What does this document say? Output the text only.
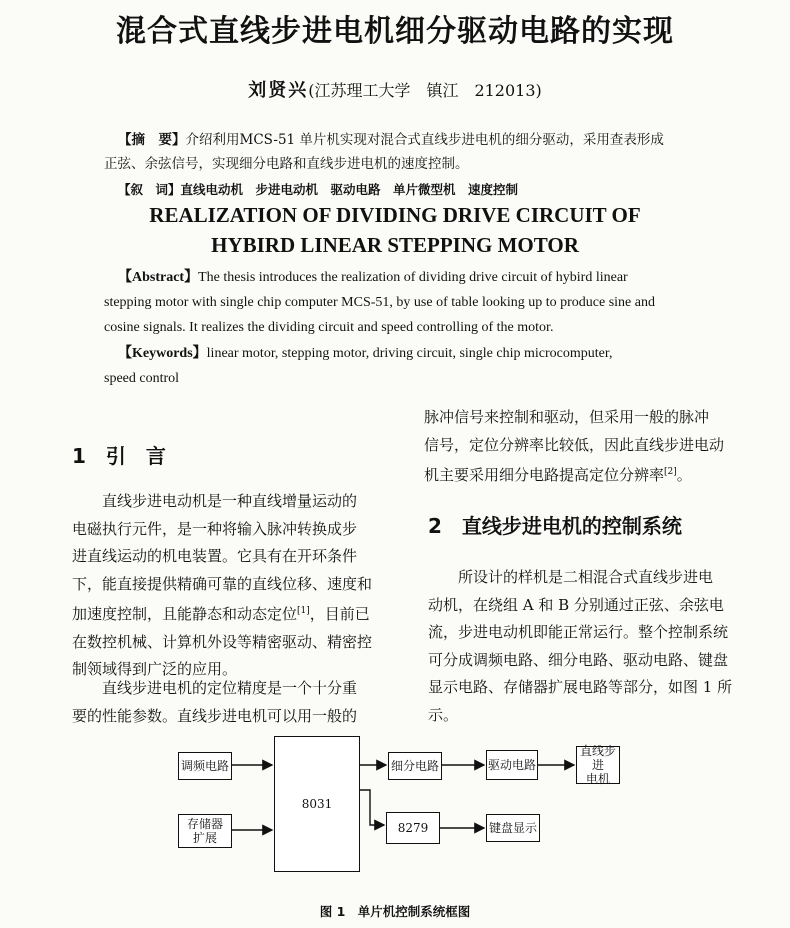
混合式直线步进电机细分驱动电路的实现
刘贤兴(江苏理工大学　镇江　212013)
【摘　要】介绍利用MCS-51 单片机实现对混合式直线步进电机的细分驱动，采用查表形成
正弦、余弦信号，实现细分电路和直线步进电机的速度控制。
【叙　词】直线电动机　步进电动机　驱动电路　单片微型机　速度控制
REALIZATION OF DIVIDING DRIVE CIRCUIT OF
HYBIRD LINEAR STEPPING MOTOR
【Abstract】The thesis introduces the realization of dividing drive circuit of hybird linear
stepping motor with single chip computer MCS-51, by use of table looking up to produce sine and
cosine signals. It realizes the dividing circuit and speed controlling of the motor.
【Keywords】linear motor, stepping motor, driving circuit, single chip microcomputer,
speed control
1　引　言
直线步进电动机是一种直线增量运动的
电磁执行元件，是一种将输入脉冲转换成步
进直线运动的机电装置。它具有在开环条件
下，能直接提供精确可靠的直线位移、速度和
加速度控制，且能静态和动态定位[1]，目前已
在数控机械、计算机外设等精密驱动、精密控
制领域得到广泛的应用。
直线步进电机的定位精度是一个十分重
要的性能参数。直线步进电机可以用一般的
脉冲信号来控制和驱动，但采用一般的脉冲
信号，定位分辨率比较低，因此直线步进电动
机主要采用细分电路提高定位分辨率[2]。
2　直线步进电机的控制系统
所设计的样机是二相混合式直线步进电
动机，在绕组 A 和 B 分别通过正弦、余弦电
流，步进电动机即能正常运行。整个控制系统
可分成调频电路、细分电路、驱动电路、键盘
显示电路、存储器扩展电路等部分，如图 1 所
示。
调频电路
8031
存储器
扩展
细分电路	驱动电路
直线步进
电机
8279	键盘显示
图 1　单片机控制系统框图
